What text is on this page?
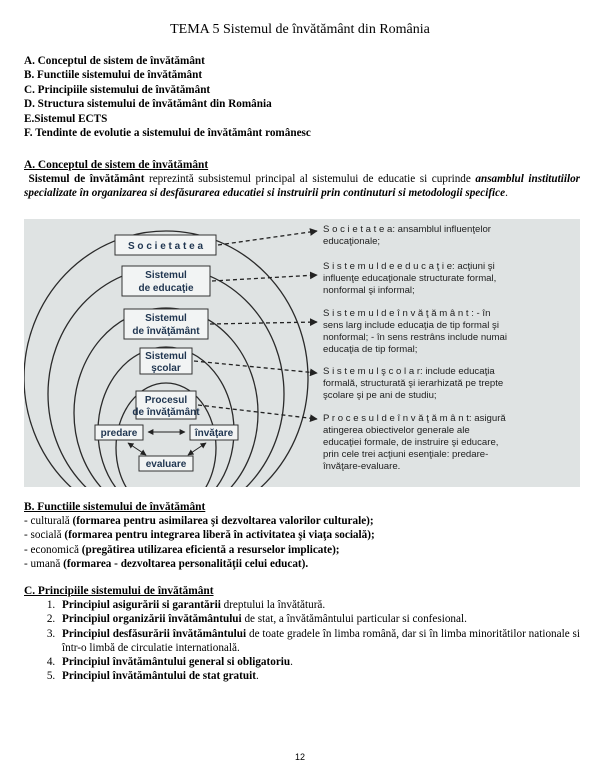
TEMA 5 Sistemul de învătământ din România
A. Conceptul de sistem de învătământ
B. Functiile sistemului de învătământ
C. Principiile sistemului de învătământ
D. Structura sistemului de învătământ din România
E.Sistemul ECTS
F. Tendinte de evolutie a sistemului de învătământ românesc
A. Conceptul de sistem de învătământ
Sistemul de învătământ reprezintă subsistemul principal al sistemului de educatie si cuprinde ansamblul institutiilor specializate în organizarea si desfăsurarea educatiei si instruirii prin continuturi si metodologii specifice.
S o c i e t a t e a
Sistemul
de educaţie
Sistemul
de învăţământ
Sistemul
şcolar
Procesul
de învăţământ
predare	învăţare
evaluare
S o c i e t a t e a: ansamblul influenţelor
educaţionale;
S i s t e m u l d e e d u c a ţ i e: acţiuni şi
influenţe educaţionale structurate formal,
nonformal şi informal;
S i s t e m u l d e î n v ă ţ ă m â n t : - în
sens larg include educaţia de tip formal şi
nonformal; - în sens restrâns include numai
educaţia de tip formal;
S i s t e m u l ş c o l a r: include educaţia
formală, structurată şi ierarhizată pe trepte
şcolare şi pe ani de studiu;
P r o c e s u l d e î n v ă ţ ă m â n t: asigură
atingerea obiectivelor generale ale
educaţiei formale, de instruire şi educare,
prin cele trei acţiuni esenţiale: predare-
învăţare-evaluare.
B. Functiile sistemului de învătământ
- culturală (formarea pentru asimilarea şi dezvoltarea valorilor culturale);
- socială (formarea pentru integrarea liberă în activitatea şi viaţa socială);
- economică (pregătirea utilizarea eficientă a resurselor implicate);
- umană (formarea - dezvoltarea personalităţii celui educat).
C. Principiile sistemului de învătământ
1. Principiul asigurării si garantării dreptului la învătătură.
2. Principiul organizării învătământului de stat, a învătământului particular si confesional.
3. Principiul desfăsurării învătământului de toate gradele în limba română, dar si în limba minoritătilor nationale si într-o limbă de circulatie internatională.
4. Principiul învătământului general si obligatoriu.
5. Principiul învătământului de stat gratuit.
12
